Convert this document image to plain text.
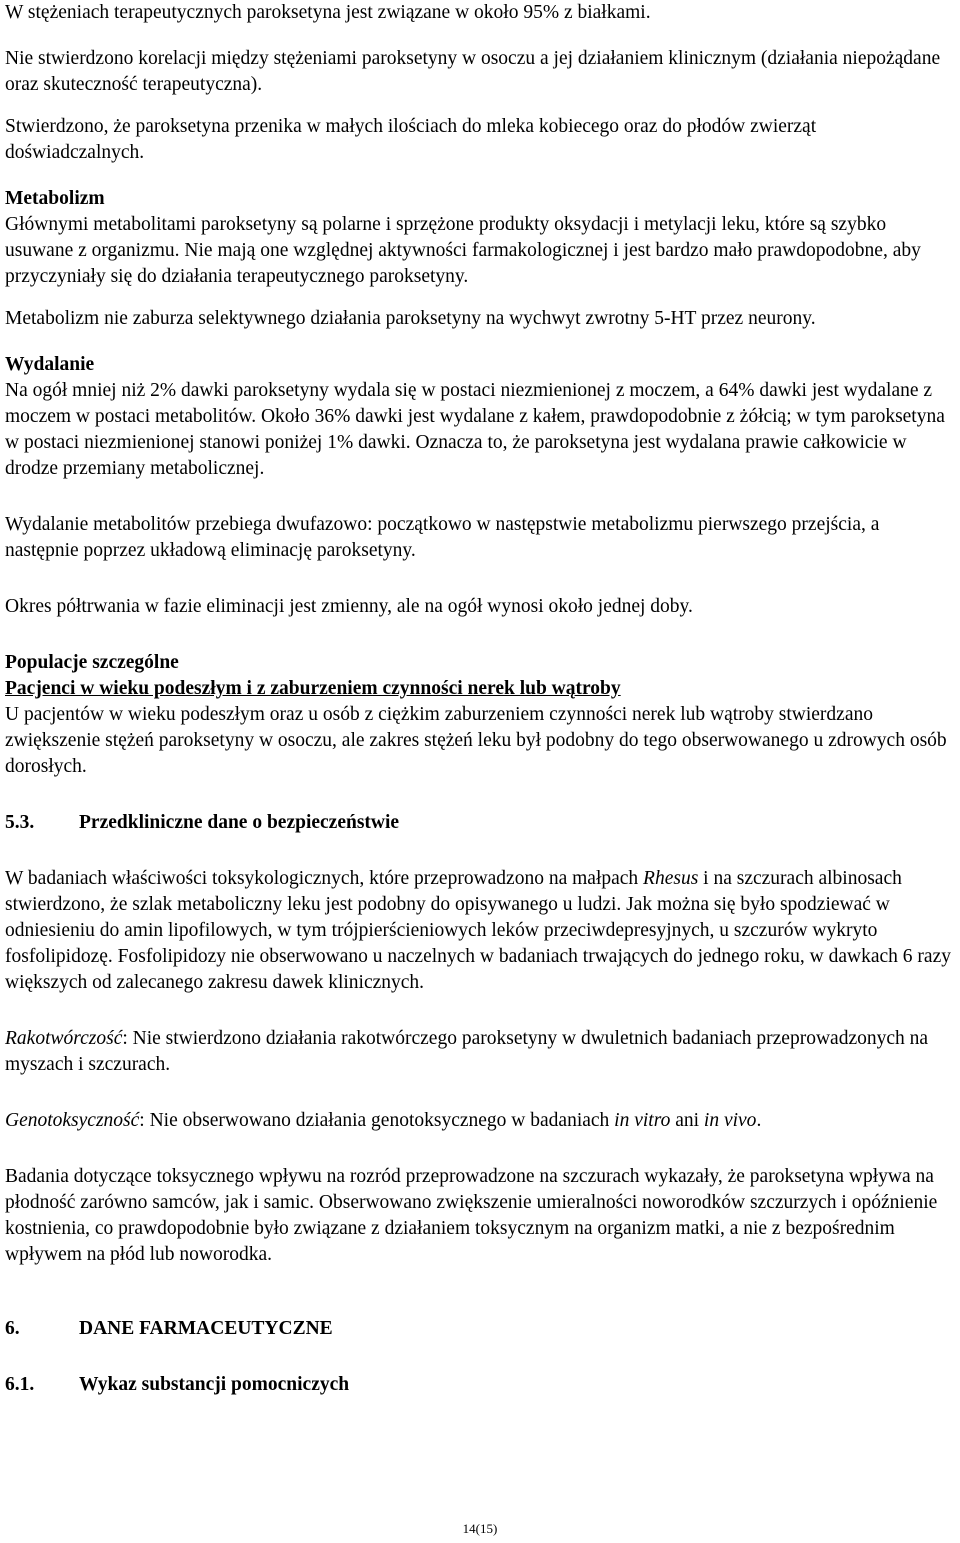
W stężeniach terapeutycznych paroksetyna jest związane w około 95% z białkami.

Nie stwierdzono korelacji między stężeniami paroksetyny w osoczu a jej działaniem klinicznym (działania niepożądane oraz skuteczność terapeutyczna).

Stwierdzono, że paroksetyna przenika w małych ilościach do mleka kobiecego oraz do płodów zwierząt doświadczalnych.

Metabolizm

Głównymi metabolitami paroksetyny są polarne i sprzężone produkty oksydacji i metylacji leku, które są szybko usuwane z organizmu. Nie mają one względnej aktywności farmakologicznej i jest bardzo mało prawdopodobne, aby przyczyniały się do działania terapeutycznego paroksetyny.

Metabolizm nie zaburza selektywnego działania paroksetyny na wychwyt zwrotny 5-HT przez neurony.

Wydalanie

Na ogół mniej niż 2% dawki paroksetyny wydala się w postaci niezmienionej z moczem, a 64% dawki jest wydalane z moczem w postaci metabolitów. Około 36% dawki jest wydalane z kałem, prawdopodobnie z żółcią; w tym paroksetyna w postaci niezmienionej stanowi poniżej 1% dawki. Oznacza to, że paroksetyna jest wydalana prawie całkowicie w drodze przemiany metabolicznej.

Wydalanie metabolitów przebiega dwufazowo: początkowo w następstwie metabolizmu pierwszego przejścia, a następnie poprzez układową eliminację paroksetyny.

Okres półtrwania w fazie eliminacji jest zmienny, ale na ogół wynosi około jednej doby.

Populacje szczególne

Pacjenci w wieku podeszłym i z zaburzeniem czynności nerek lub wątroby

U pacjentów w wieku podeszłym oraz u osób z ciężkim zaburzeniem czynności nerek lub wątroby stwierdzano zwiększenie stężeń paroksetyny w osoczu, ale zakres stężeń leku był podobny do tego obserwowanego u zdrowych osób dorosłych.

5.3.	Przedkliniczne dane o bezpieczeństwie

W badaniach właściwości toksykologicznych, które przeprowadzono na małpach Rhesus i na szczurach albinosach stwierdzono, że szlak metaboliczny leku jest podobny do opisywanego u ludzi. Jak można się było spodziewać w odniesieniu do amin lipofilowych, w tym trójpierścieniowych leków przeciwdepresyjnych, u szczurów wykryto fosfolipidozę. Fosfolipidozy nie obserwowano u naczelnych w badaniach trwających do jednego roku, w dawkach 6 razy większych od zalecanego zakresu dawek klinicznych.

Rakotwórczość: Nie stwierdzono działania rakotwórczego paroksetyny w dwuletnich badaniach przeprowadzonych na myszach i szczurach.

Genotoksyczność: Nie obserwowano działania genotoksycznego w badaniach in vitro ani in vivo.

Badania dotyczące toksycznego wpływu na rozród przeprowadzone na szczurach wykazały, że paroksetyna wpływa na płodność zarówno samców, jak i samic. Obserwowano zwiększenie umieralności noworodków szczurzych i opóźnienie kostnienia, co prawdopodobnie było związane z działaniem toksycznym na organizm matki, a nie z bezpośrednim wpływem na płód lub noworodka.

6.	DANE FARMACEUTYCZNE
6.1.	Wykaz substancji pomocniczych
14(15)
